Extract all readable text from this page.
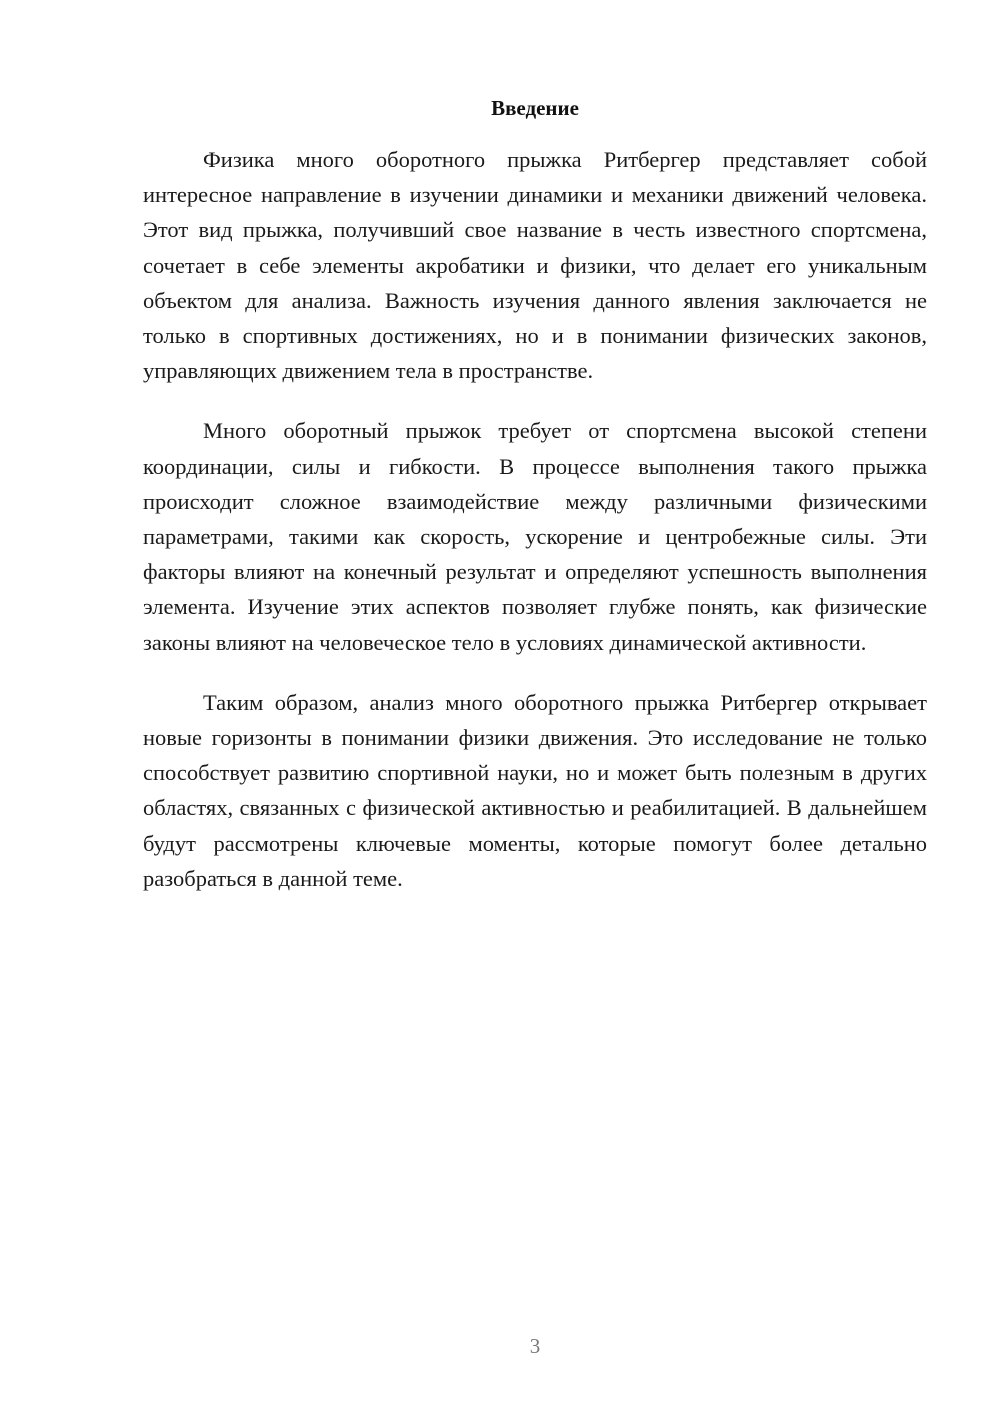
Введение

Физика много оборотного прыжка Ритбергер представляет собой интересное направление в изучении динамики и механики движений человека. Этот вид прыжка, получивший свое название в честь известного спортсмена, сочетает в себе элементы акробатики и физики, что делает его уникальным объектом для анализа. Важность изучения данного явления заключается не только в спортивных достижениях, но и в понимании физических законов, управляющих движением тела в пространстве.

Много оборотный прыжок требует от спортсмена высокой степени координации, силы и гибкости. В процессе выполнения такого прыжка происходит сложное взаимодействие между различными физическими параметрами, такими как скорость, ускорение и центробежные силы. Эти факторы влияют на конечный результат и определяют успешность выполнения элемента. Изучение этих аспектов позволяет глубже понять, как физические законы влияют на человеческое тело в условиях динамической активности.

Таким образом, анализ много оборотного прыжка Ритбергер открывает новые горизонты в понимании физики движения. Это исследование не только способствует развитию спортивной науки, но и может быть полезным в других областях, связанных с физической активностью и реабилитацией. В дальнейшем будут рассмотрены ключевые моменты, которые помогут более детально разобраться в данной теме.

3
